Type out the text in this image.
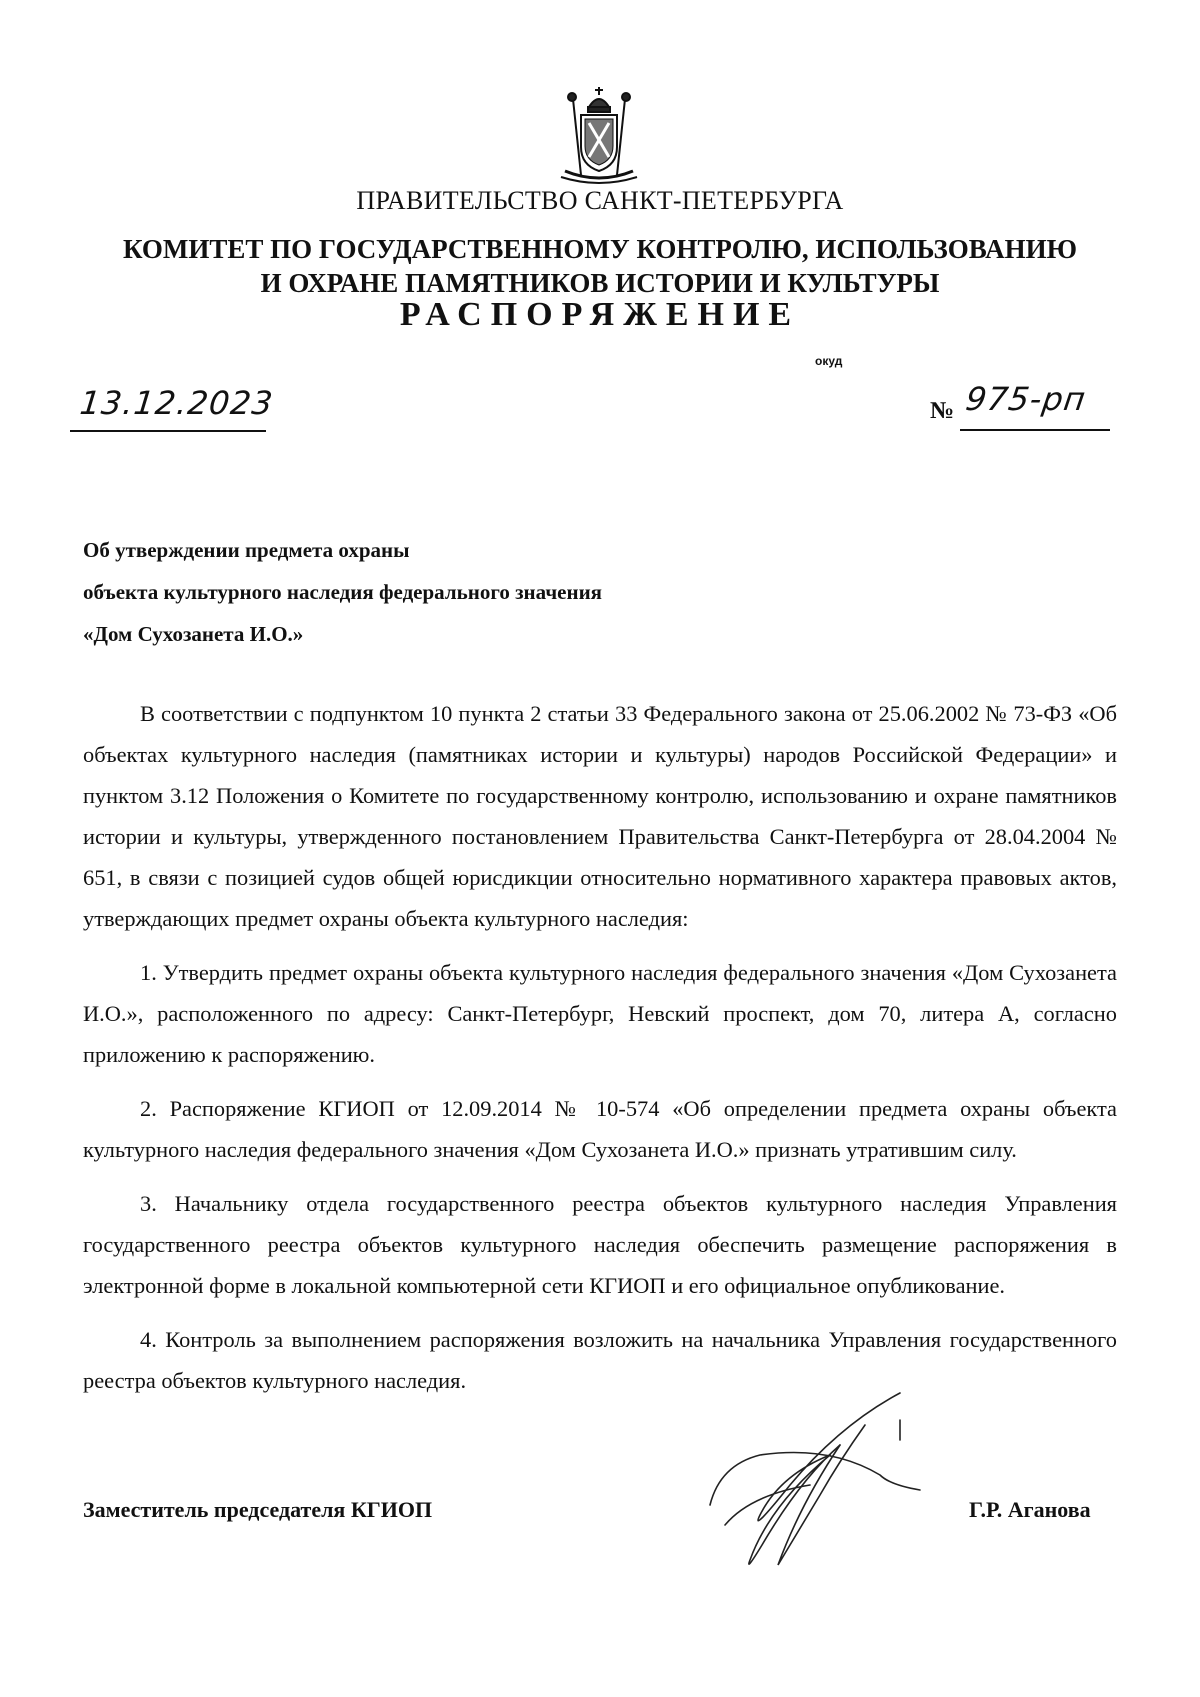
ПРАВИТЕЛЬСТВО САНКТ-ПЕТЕРБУРГА
КОМИТЕТ ПО ГОСУДАРСТВЕННОМУ КОНТРОЛЮ, ИСПОЛЬЗОВАНИЮ
И ОХРАНЕ ПАМЯТНИКОВ ИСТОРИИ И КУЛЬТУРЫ
РАСПОРЯЖЕНИЕ
окуд
13.12.2023	№ 975-рп
Об утверждении предмета охраны
объекта культурного наследия федерального значения
«Дом Сухозанета И.О.»

В соответствии с подпунктом 10 пункта 2 статьи 33 Федерального закона от 25.06.2002 № 73-ФЗ «Об объектах культурного наследия (памятниках истории и культуры) народов Российской Федерации» и пунктом 3.12 Положения о Комитете по государственному контролю, использованию и охране памятников истории и культуры, утвержденного постановлением Правительства Санкт-Петербурга от 28.04.2004 № 651, в связи с позицией судов общей юрисдикции относительно нормативного характера правовых актов, утверждающих предмет охраны объекта культурного наследия:

1. Утвердить предмет охраны объекта культурного наследия федерального значения «Дом Сухозанета И.О.», расположенного по адресу: Санкт-Петербург, Невский проспект, дом 70, литера А, согласно приложению к распоряжению.

2. Распоряжение КГИОП от 12.09.2014 № 10-574 «Об определении предмета охраны объекта культурного наследия федерального значения «Дом Сухозанета И.О.» признать утратившим силу.

3. Начальнику отдела государственного реестра объектов культурного наследия Управления государственного реестра объектов культурного наследия обеспечить размещение распоряжения в электронной форме в локальной компьютерной сети КГИОП и его официальное опубликование.

4. Контроль за выполнением распоряжения возложить на начальника Управления государственного реестра объектов культурного наследия.

Заместитель председателя КГИОП	Г.Р. Аганова
